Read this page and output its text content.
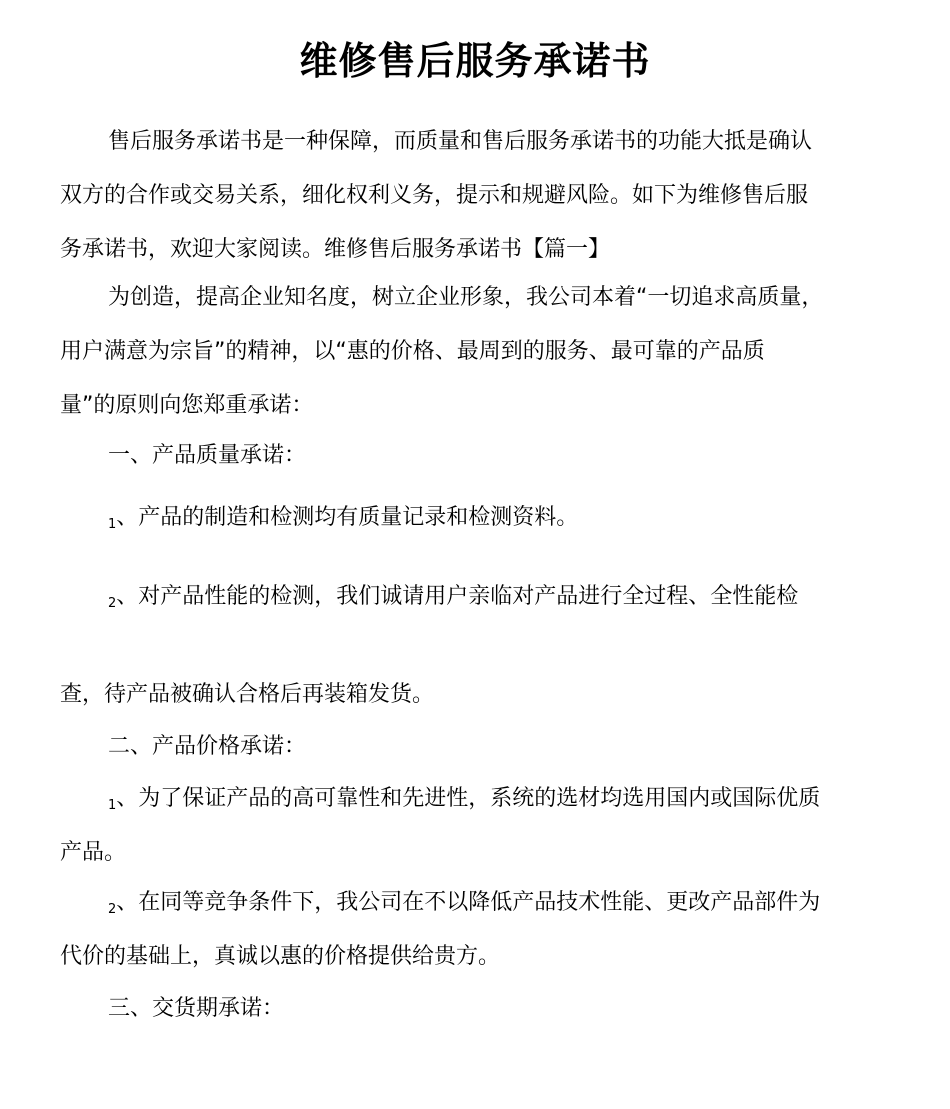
维修售后服务承诺书
售后服务承诺书是一种保障，而质量和售后服务承诺书的功能大抵是确认
双方的合作或交易关系，细化权利义务，提示和规避风险。如下为维修售后服
务承诺书，欢迎大家阅读。维修售后服务承诺书【篇一】
为创造，提高企业知名度，树立企业形象，我公司本着“一切追求高质量，
用户满意为宗旨”的精神，以“惠的价格、最周到的服务、最可靠的产品质
量”的原则向您郑重承诺：
一、产品质量承诺：
1、产品的制造和检测均有质量记录和检测资料。
2、对产品性能的检测，我们诚请用户亲临对产品进行全过程、全性能检
查，待产品被确认合格后再装箱发货。
二、产品价格承诺：
1、为了保证产品的高可靠性和先进性，系统的选材均选用国内或国际优质
产品。
2、在同等竞争条件下，我公司在不以降低产品技术性能、更改产品部件为
代价的基础上，真诚以惠的价格提供给贵方。
三、交货期承诺：
